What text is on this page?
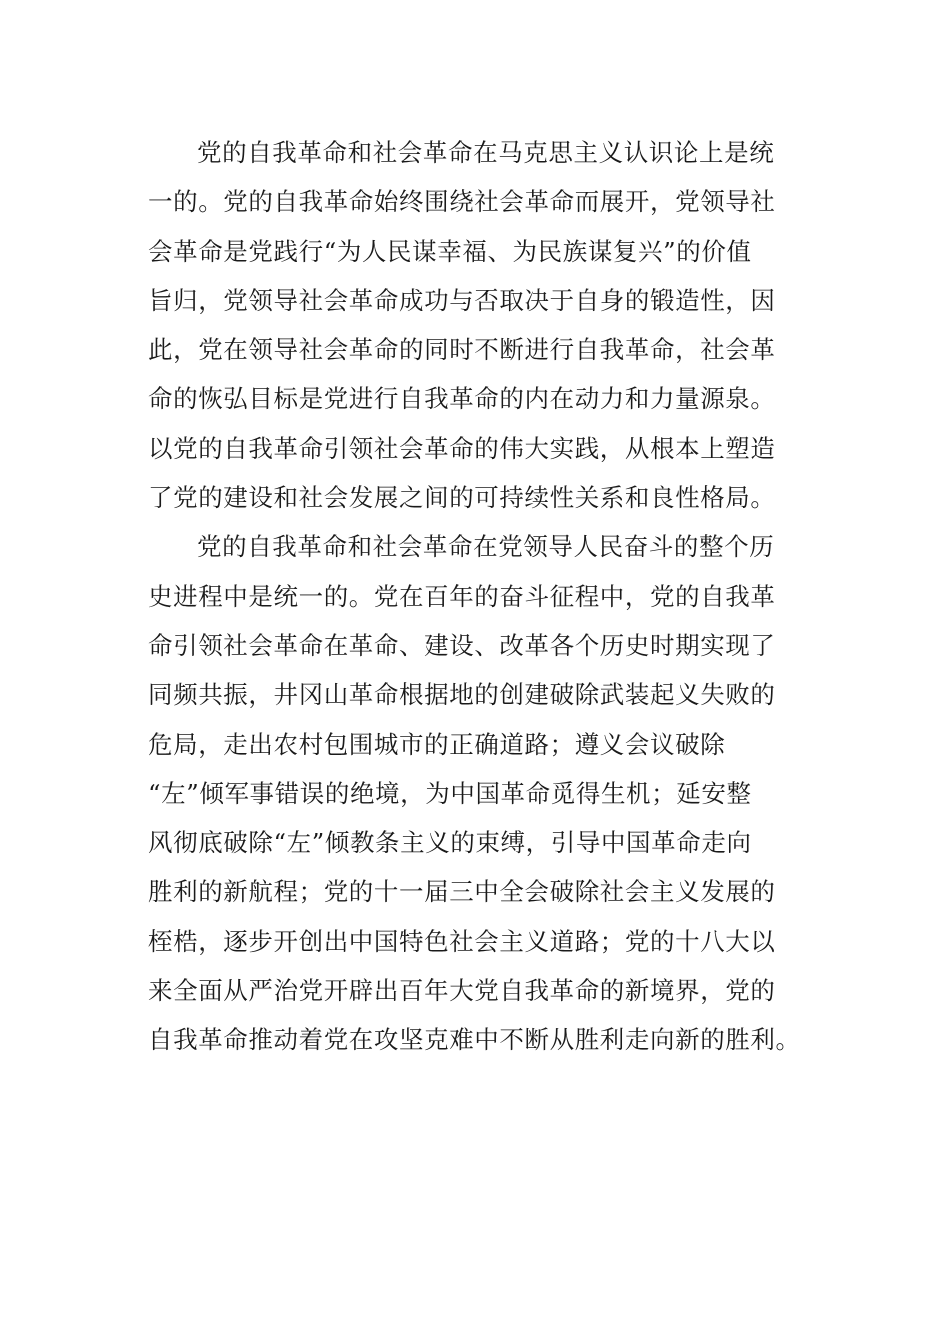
党的自我革命和社会革命在马克思主义认识论上是统
一的。党的自我革命始终围绕社会革命而展开，党领导社
会革命是党践行“为人民谋幸福、为民族谋复兴”的价值
旨归，党领导社会革命成功与否取决于自身的锻造性，因
此，党在领导社会革命的同时不断进行自我革命，社会革
命的恢弘目标是党进行自我革命的内在动力和力量源泉。
以党的自我革命引领社会革命的伟大实践，从根本上塑造
了党的建设和社会发展之间的可持续性关系和良性格局。
党的自我革命和社会革命在党领导人民奋斗的整个历
史进程中是统一的。党在百年的奋斗征程中，党的自我革
命引领社会革命在革命、建设、改革各个历史时期实现了
同频共振，井冈山革命根据地的创建破除武装起义失败的
危局，走出农村包围城市的正确道路；遵义会议破除
“左”倾军事错误的绝境，为中国革命觅得生机；延安整
风彻底破除“左”倾教条主义的束缚，引导中国革命走向
胜利的新航程；党的十一届三中全会破除社会主义发展的
桎梏，逐步开创出中国特色社会主义道路；党的十八大以
来全面从严治党开辟出百年大党自我革命的新境界，党的
自我革命推动着党在攻坚克难中不断从胜利走向新的胜利。
